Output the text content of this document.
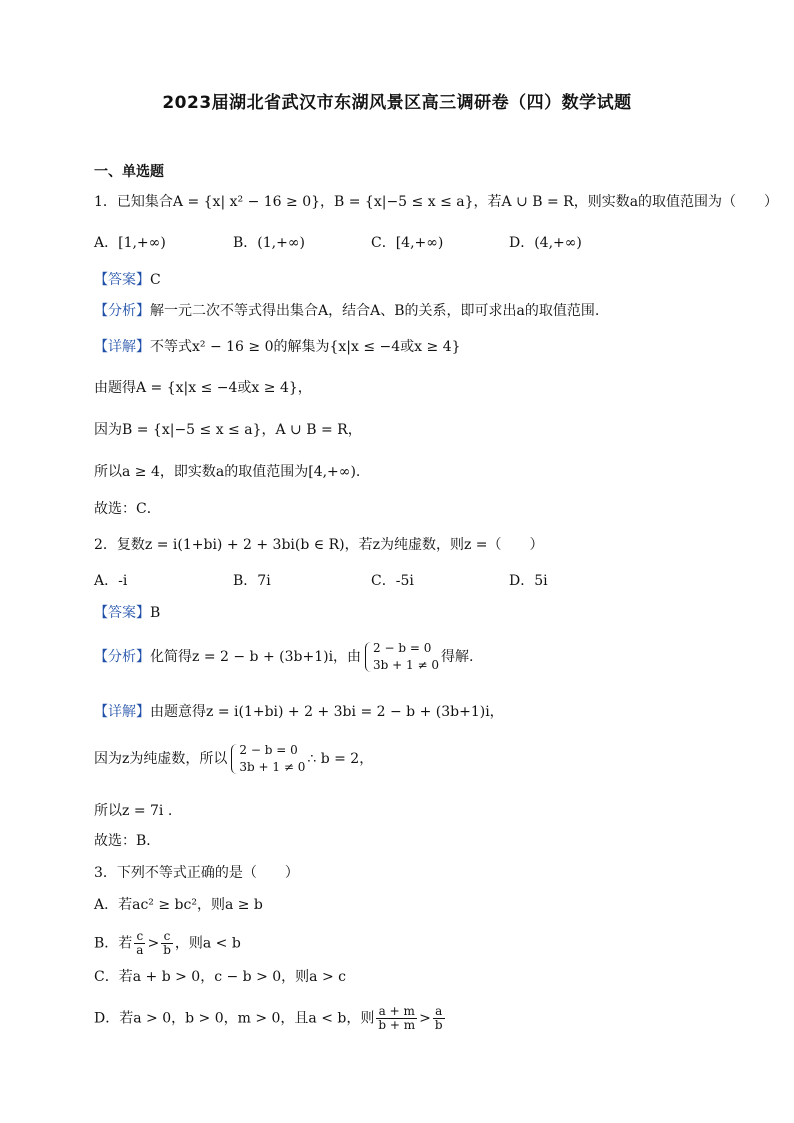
2023届湖北省武汉市东湖风景区高三调研卷（四）数学试题
一、单选题
1．已知集合A = {x| x² − 16 ≥ 0}，B = {x|−5 ≤ x ≤ a}，若A ∪ B = R，则实数a的取值范围为（　　）
A．[1,+∞)	B．(1,+∞)	C．[4,+∞)	D．(4,+∞)
【答案】C
【分析】解一元二次不等式得出集合A，结合A、B的关系，即可求出a的取值范围.
【详解】不等式x² − 16 ≥ 0的解集为{x|x ≤ −4或x ≥ 4}
由题得A = {x|x ≤ −4或x ≥ 4}，
因为B = {x|−5 ≤ x ≤ a}，A ∪ B = R，
所以a ≥ 4，即实数a的取值范围为[4,+∞).
故选：C．
2．复数z = i(1+bi) + 2 + 3bi(b ∈ R)，若z为纯虚数，则z =（　　）
A．-i	B．7i	C．-5i	D．5i
【答案】B
【分析】化简得z = 2 − b + (3b+1)i，由
2 − b = 0
3b + 1 ≠ 0 得解.
【详解】由题意得z = i(1+bi) + 2 + 3bi = 2 − b + (3b+1)i，
因为z为纯虚数，所以
2 − b = 0
3b + 1 ≠ 0 ∴ b = 2，
所以z = 7i .
故选：B．
3．下列不等式正确的是（　　）
A．若ac² ≥ bc²，则a ≥ b
B．若 $\frac{c}{a} > \frac{c}{b}$ ，则a < b
C．若a + b > 0，c − b > 0，则a > c
D．若a > 0，b > 0，m > 0，且a < b，则 $\frac{a + m}{b + m} > \frac{a}{b}$
